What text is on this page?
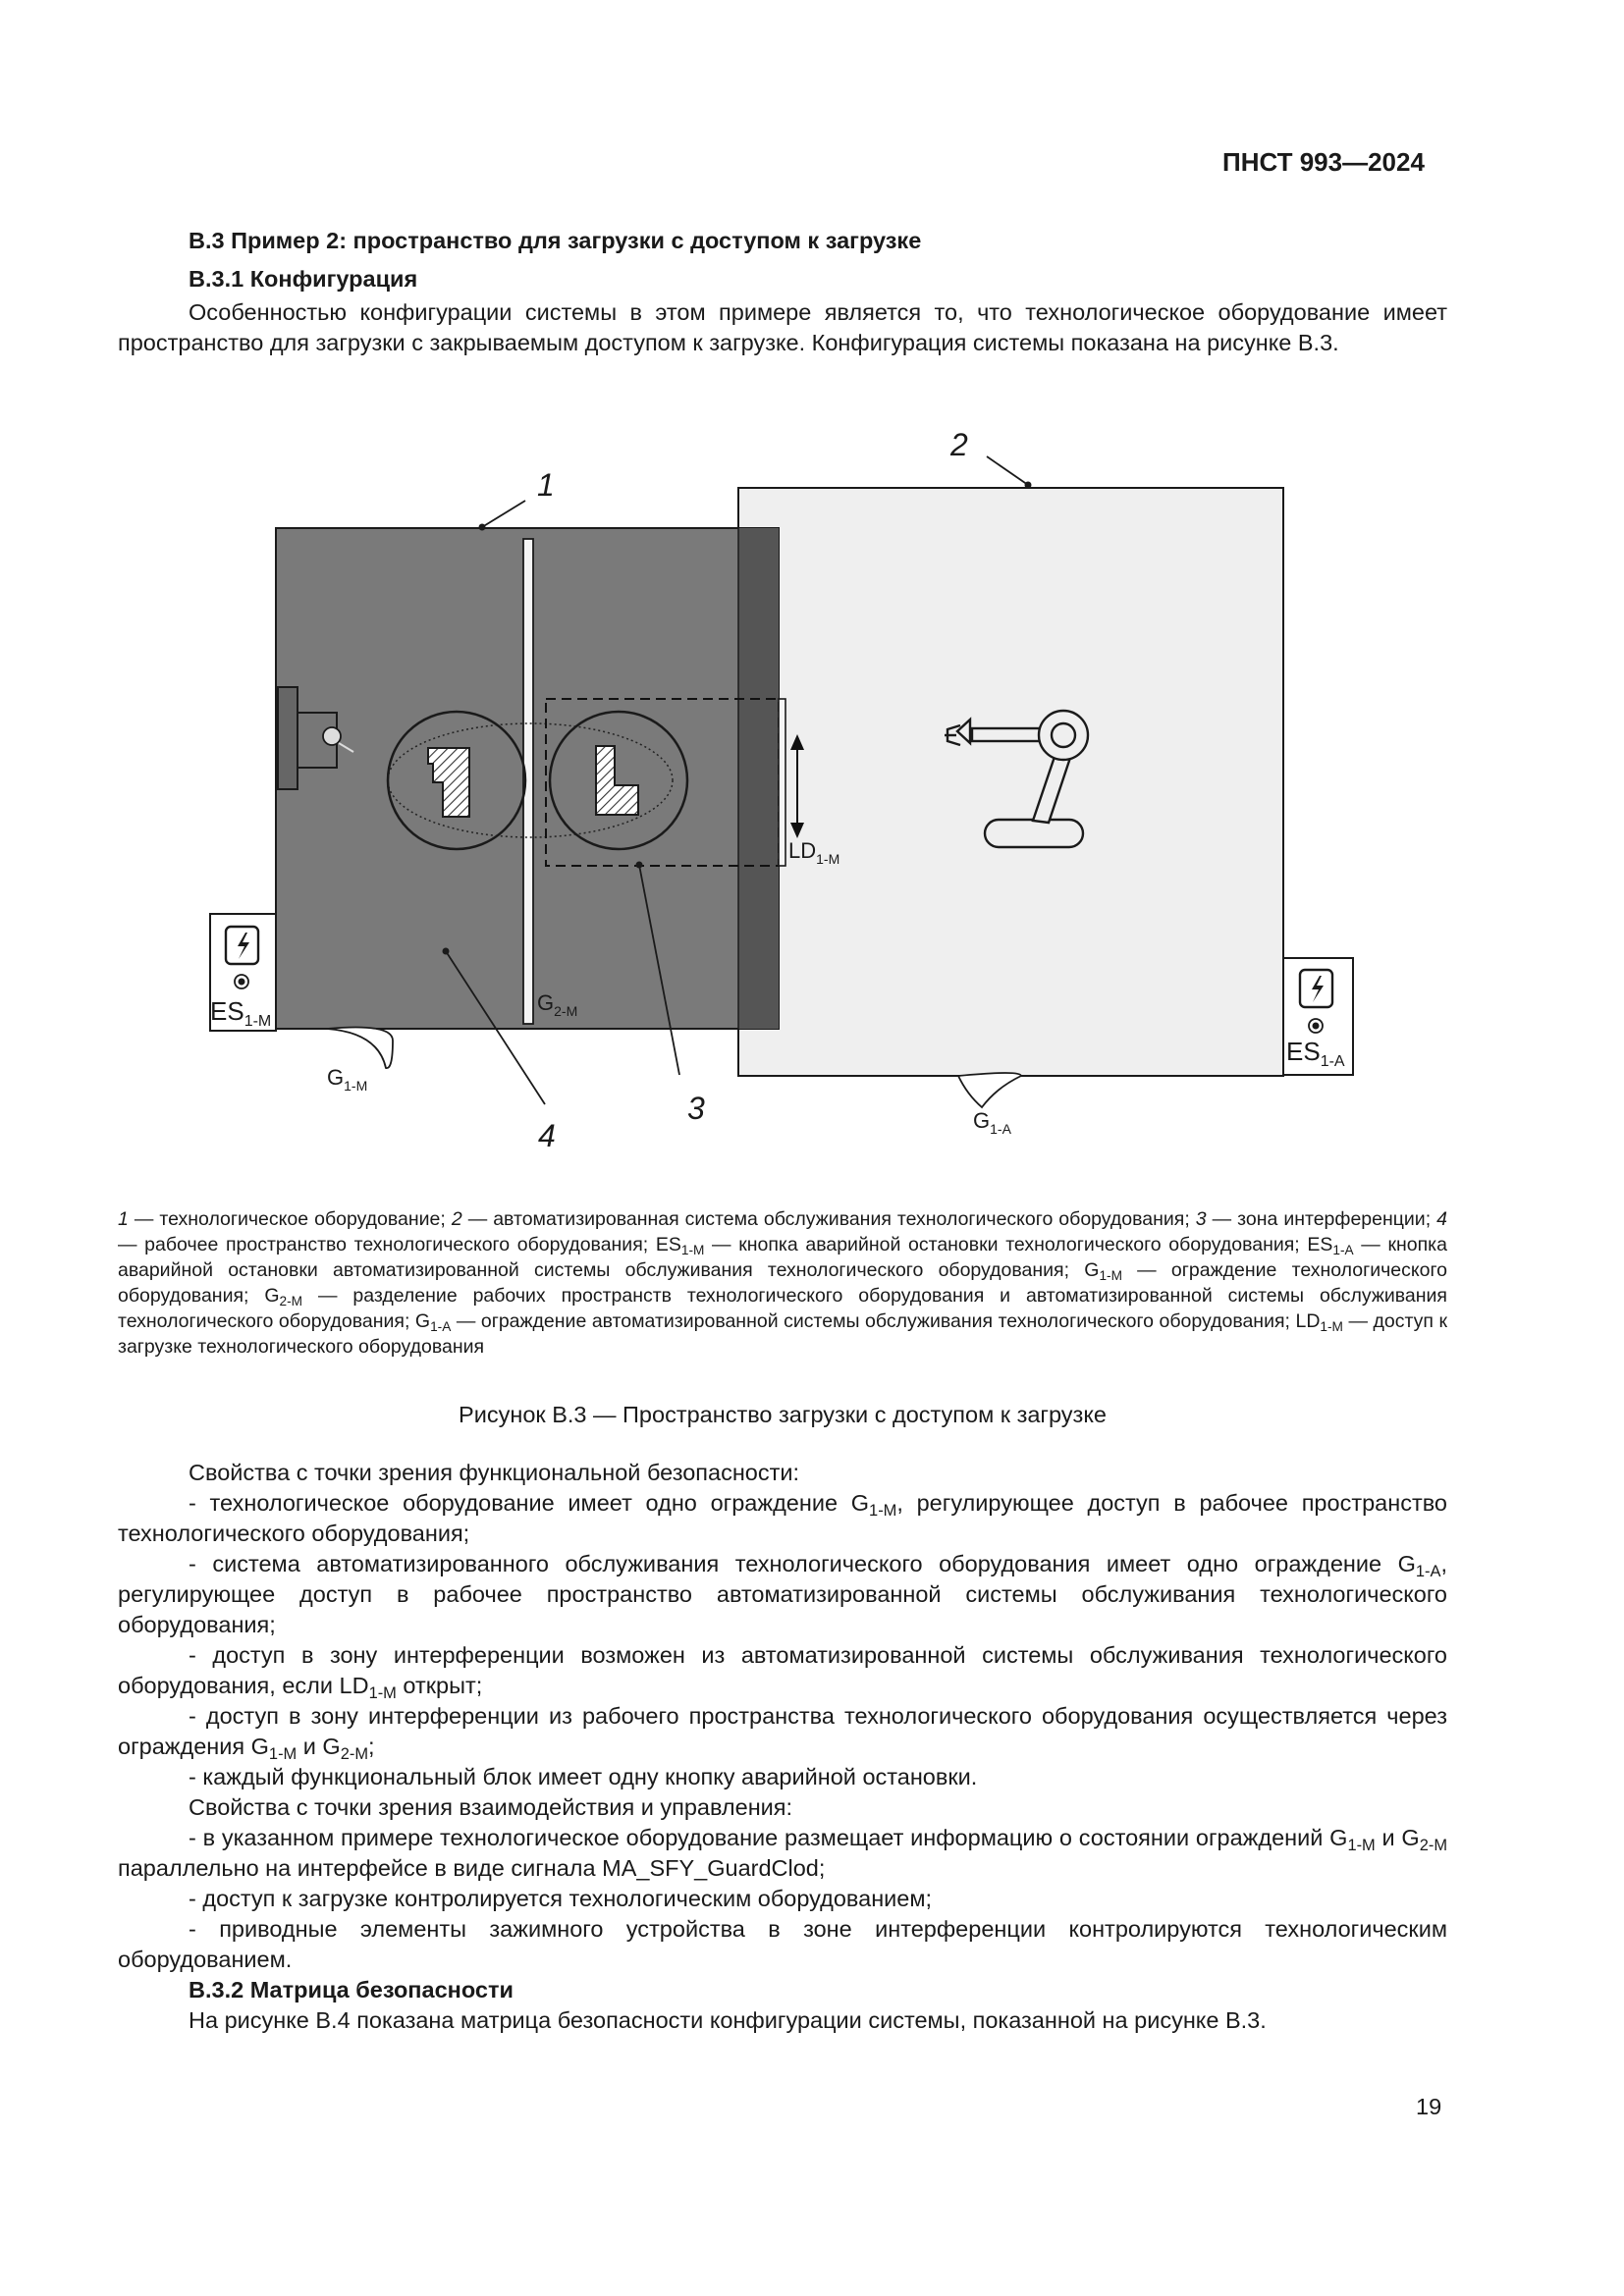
ПНСТ 993—2024
В.3 Пример 2: пространство для загрузки с доступом к загрузке
В.3.1 Конфигурация
Особенностью конфигурации системы в этом примере является то, что технологическое оборудование имеет пространство для загрузки с закрываемым доступом к загрузке. Конфигурация системы показана на рисунке В.3.
$ES_{1-M}$
$ES_{1-A}$
$G_{1-M}$
$G_{2-M}$
$G_{1-A}$
$LD_{1-M}$
1
2
3
4
1 — технологическое оборудование; 2 — автоматизированная система обслуживания технологического оборудования; 3 — зона интерференции; 4 — рабочее пространство технологического оборудования; $ES_{1-M}$ — кнопка аварийной остановки технологического оборудования; $ES_{1-A}$ — кнопка аварийной остановки автоматизированной системы обслуживания технологического оборудования; $G_{1-M}$ — ограждение технологического оборудования; $G_{2-M}$ — разделение рабочих пространств технологического оборудования и автоматизированной системы обслуживания технологического оборудования; $G_{1-A}$ — ограждение автоматизированной системы обслуживания технологического оборудования; $LD_{1-M}$ — доступ к загрузке технологического оборудования
Рисунок В.3 — Пространство загрузки с доступом к загрузке
Свойства с точки зрения функциональной безопасности:
- технологическое оборудование имеет одно ограждение $G_{1-M}$, регулирующее доступ в рабочее пространство технологического оборудования;
- система автоматизированного обслуживания технологического оборудования имеет одно ограждение $G_{1-A}$, регулирующее доступ в рабочее пространство автоматизированной системы обслуживания технологического оборудования;
- доступ в зону интерференции возможен из автоматизированной системы обслуживания технологического оборудования, если $LD_{1-M}$ открыт;
- доступ в зону интерференции из рабочего пространства технологического оборудования осуществляется через ограждения $G_{1-M}$ и $G_{2-M}$;
- каждый функциональный блок имеет одну кнопку аварийной остановки.
Свойства с точки зрения взаимодействия и управления:
- в указанном примере технологическое оборудование размещает информацию о состоянии ограждений $G_{1-M}$ и $G_{2-M}$ параллельно на интерфейсе в виде сигнала MA_SFY_GuardClod;
- доступ к загрузке контролируется технологическим оборудованием;
- приводные элементы зажимного устройства в зоне интерференции контролируются технологическим оборудованием.
В.3.2 Матрица безопасности
На рисунке В.4 показана матрица безопасности конфигурации системы, показанной на рисунке В.3.
19
